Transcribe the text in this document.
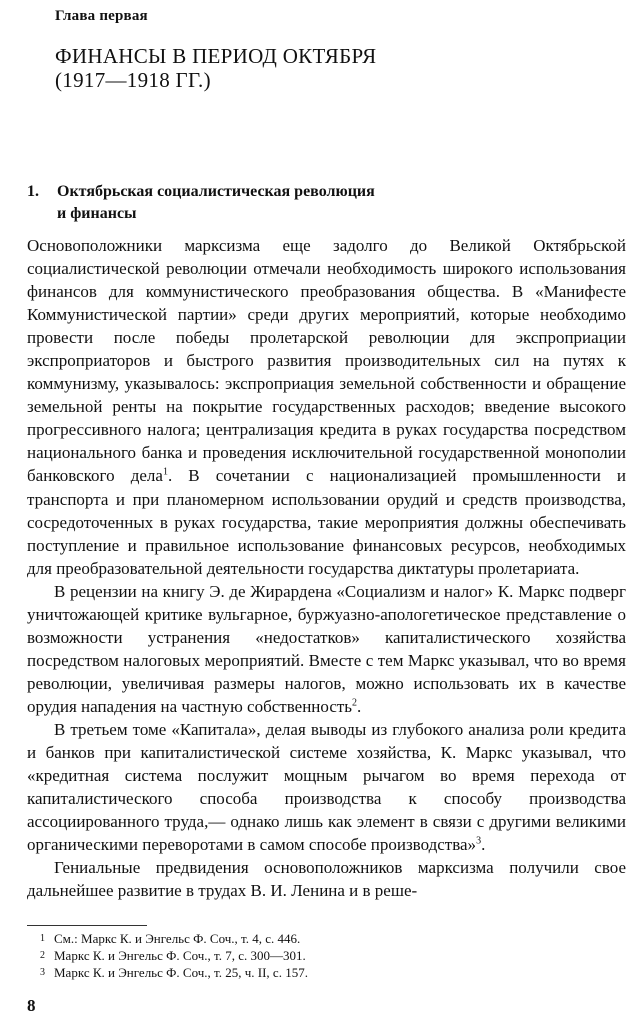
Глава первая
ФИНАНСЫ В ПЕРИОД ОКТЯБРЯ
(1917—1918 ГГ.)
1. Октябрьская социалистическая революция
и финансы

Основоположники марксизма еще задолго до Великой Октябрьской социалистической революции отмечали необходимость широкого использования финансов для коммунистического преобразования общества. В «Манифесте Коммунистической партии» среди других мероприятий, которые необходимо провести после победы пролетарской революции для экспроприации экспроприаторов и быстрого развития производительных сил на путях к коммунизму, указывалось: экспроприация земельной собственности и обращение земельной ренты на покрытие государственных расходов; введение высокого прогрессивного налога; централизация кредита в руках государства посредством национального банка и проведения исключительной государственной монополии банковского дела$^1$. В сочетании с национализацией промышленности и транспорта и при планомерном использовании орудий и средств производства, сосредоточенных в руках государства, такие мероприятия должны обеспечивать поступление и правильное использование финансовых ресурсов, необходимых для преобразовательной деятельности государства диктатуры пролетариата.

В рецензии на книгу Э. де Жирардена «Социализм и налог» К. Маркс подверг уничтожающей критике вульгарное, буржуазно-апологетическое представление о возможности устранения «недостатков» капиталистического хозяйства посредством налоговых мероприятий. Вместе с тем Маркс указывал, что во время революции, увеличивая размеры налогов, можно использовать их в качестве орудия нападения на частную собственность$^2$.

В третьем томе «Капитала», делая выводы из глубокого анализа роли кредита и банков при капиталистической системе хозяйства, К. Маркс указывал, что «кредитная система послужит мощным рычагом во время перехода от капиталистического способа производства к способу производства ассоциированного труда,— однако лишь как элемент в связи с другими великими органическими переворотами в самом способе производства»$^3$.

Гениальные предвидения основоположников марксизма получили свое дальнейшее развитие в трудах В. И. Ленина и в реше-

1 См.: Маркс К. и Энгельс Ф. Соч., т. 4, с. 446.
2 Маркс К. и Энгельс Ф. Соч., т. 7, с. 300—301.
3 Маркс К. и Энгельс Ф. Соч., т. 25, ч. II, с. 157.
8
